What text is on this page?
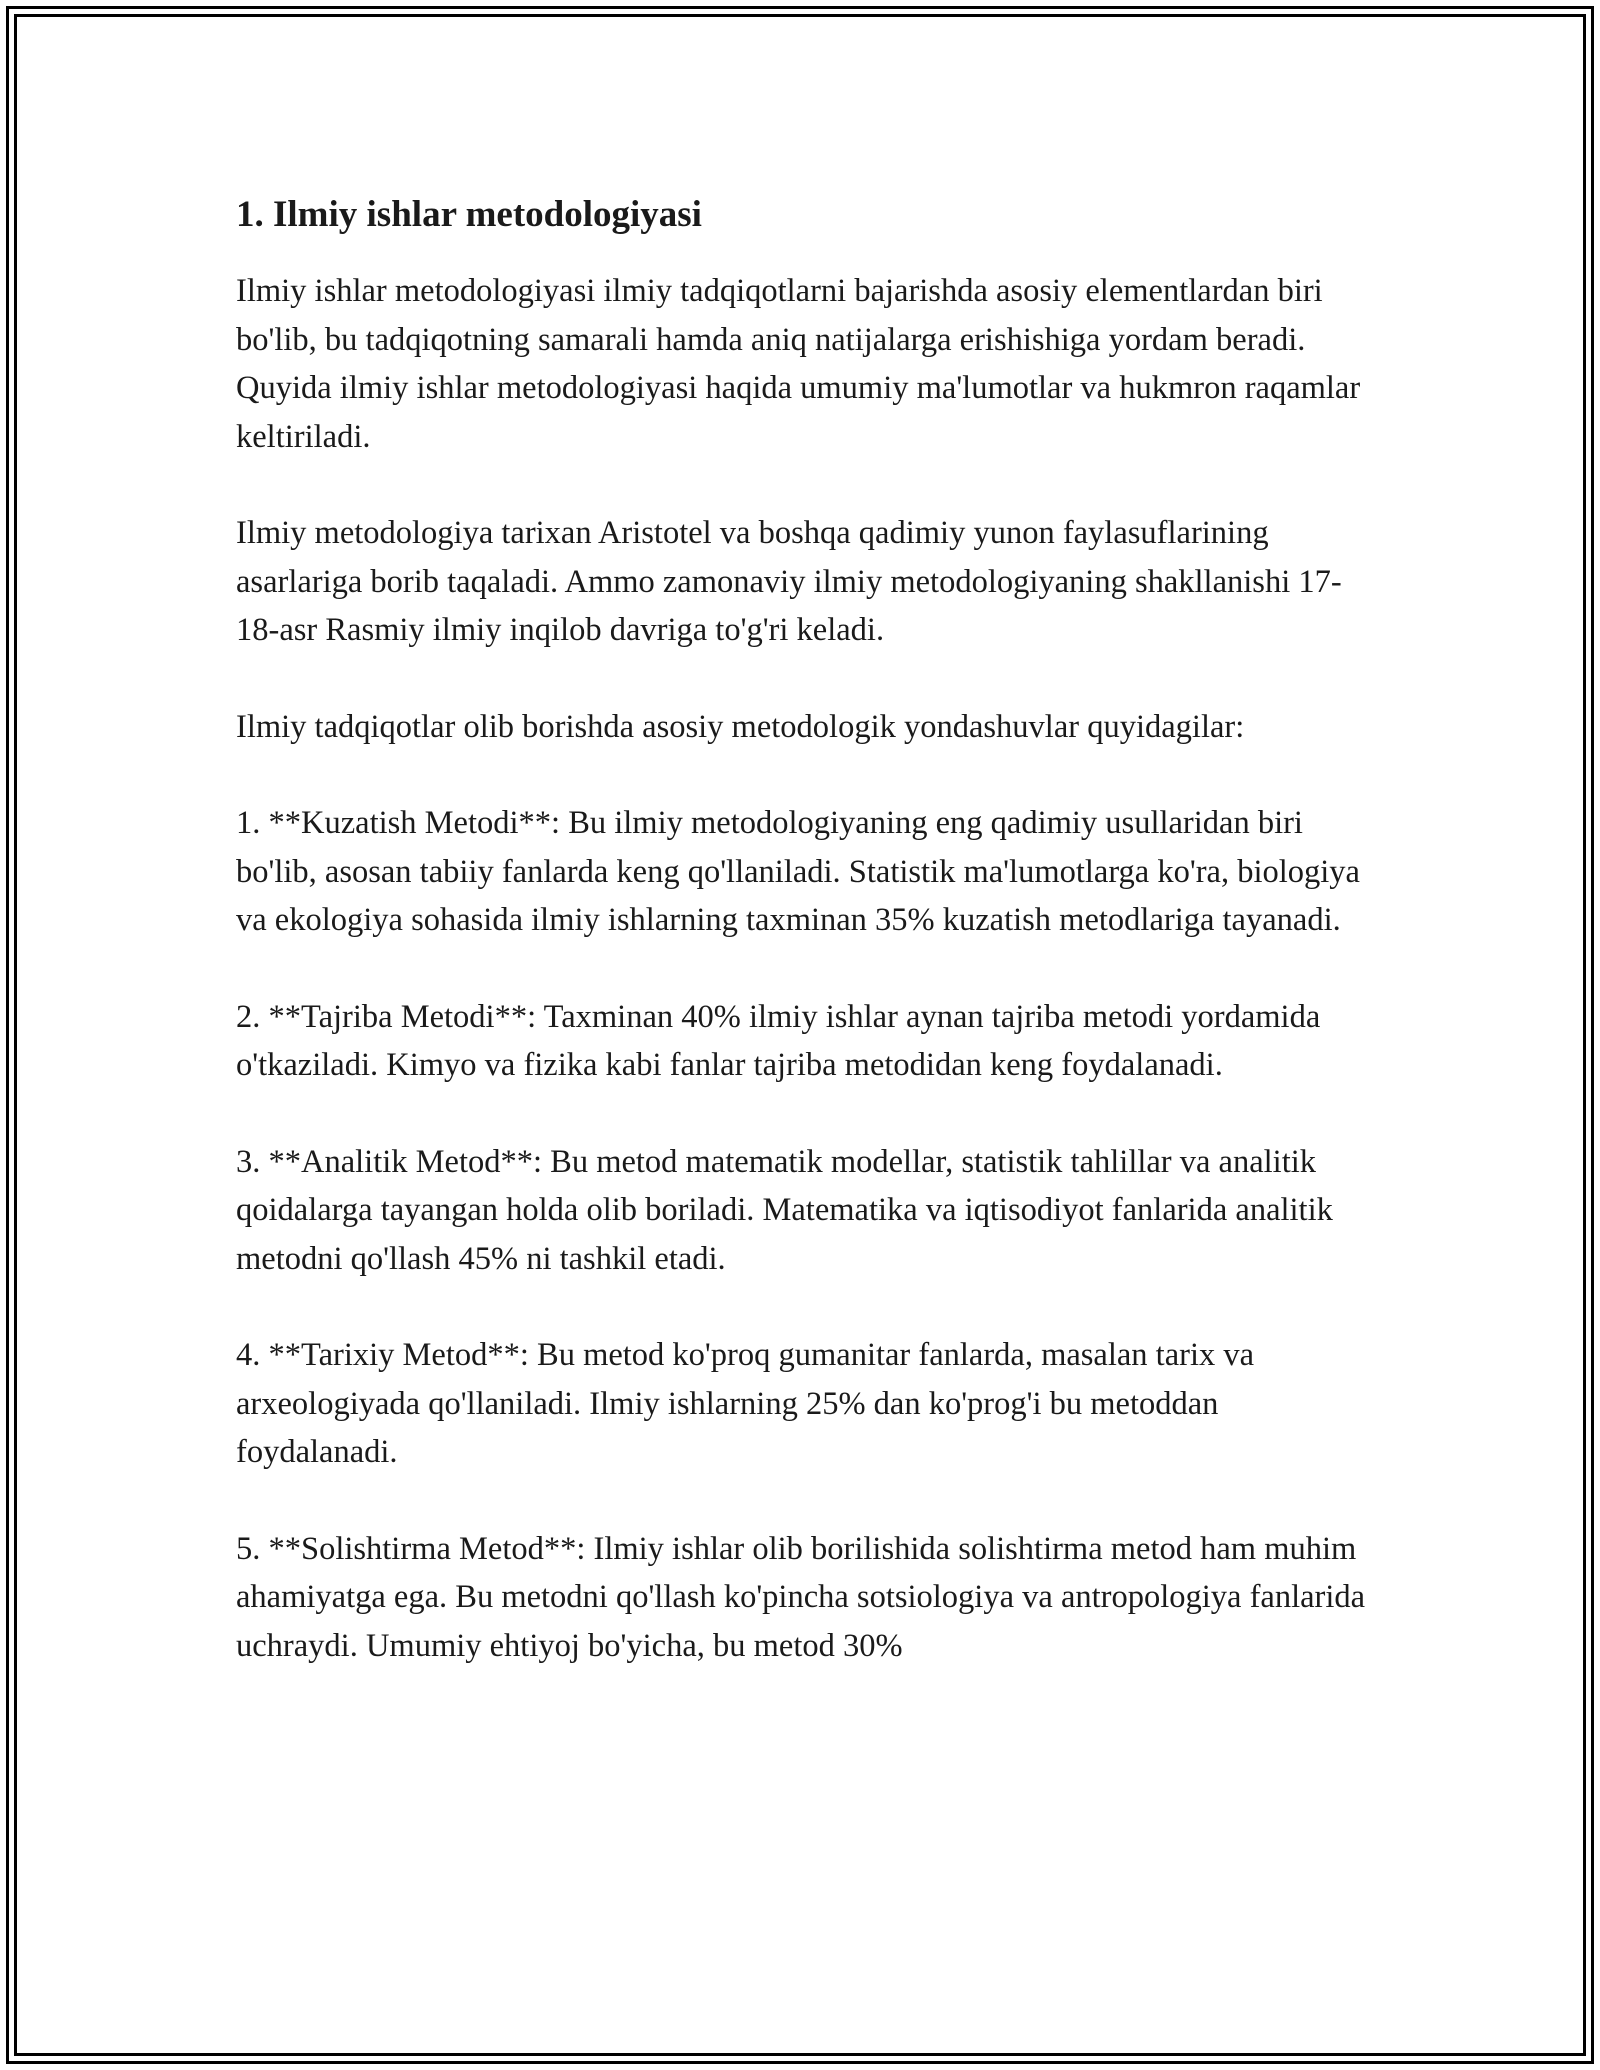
1. Ilmiy ishlar metodologiyasi

Ilmiy ishlar metodologiyasi ilmiy tadqiqotlarni bajarishda asosiy elementlardan biri bo'lib, bu tadqiqotning samarali hamda aniq natijalarga erishishiga yordam beradi. Quyida ilmiy ishlar metodologiyasi haqida umumiy ma'lumotlar va hukmron raqamlar keltiriladi.

Ilmiy metodologiya tarixan Aristotel va boshqa qadimiy yunon faylasuflarining asarlariga borib taqaladi. Ammo zamonaviy ilmiy metodologiyaning shakllanishi 17-18-asr Rasmiy ilmiy inqilob davriga to'g'ri keladi.

Ilmiy tadqiqotlar olib borishda asosiy metodologik yondashuvlar quyidagilar:

1. **Kuzatish Metodi**: Bu ilmiy metodologiyaning eng qadimiy usullaridan biri bo'lib, asosan tabiiy fanlarda keng qo'llaniladi. Statistik ma'lumotlarga ko'ra, biologiya va ekologiya sohasida ilmiy ishlarning taxminan 35% kuzatish metodlariga tayanadi.

2. **Tajriba Metodi**: Taxminan 40% ilmiy ishlar aynan tajriba metodi yordamida o'tkaziladi. Kimyo va fizika kabi fanlar tajriba metodidan keng foydalanadi.

3. **Analitik Metod**: Bu metod matematik modellar, statistik tahlillar va analitik qoidalarga tayangan holda olib boriladi. Matematika va iqtisodiyot fanlarida analitik metodni qo'llash 45% ni tashkil etadi.

4. **Tarixiy Metod**: Bu metod ko'proq gumanitar fanlarda, masalan tarix va arxeologiyada qo'llaniladi. Ilmiy ishlarning 25% dan ko'prog'i bu metoddan foydalanadi.

5. **Solishtirma Metod**: Ilmiy ishlar olib borilishida solishtirma metod ham muhim ahamiyatga ega. Bu metodni qo'llash ko'pincha sotsiologiya va antropologiya fanlarida uchraydi. Umumiy ehtiyoj bo'yicha, bu metod 30%
